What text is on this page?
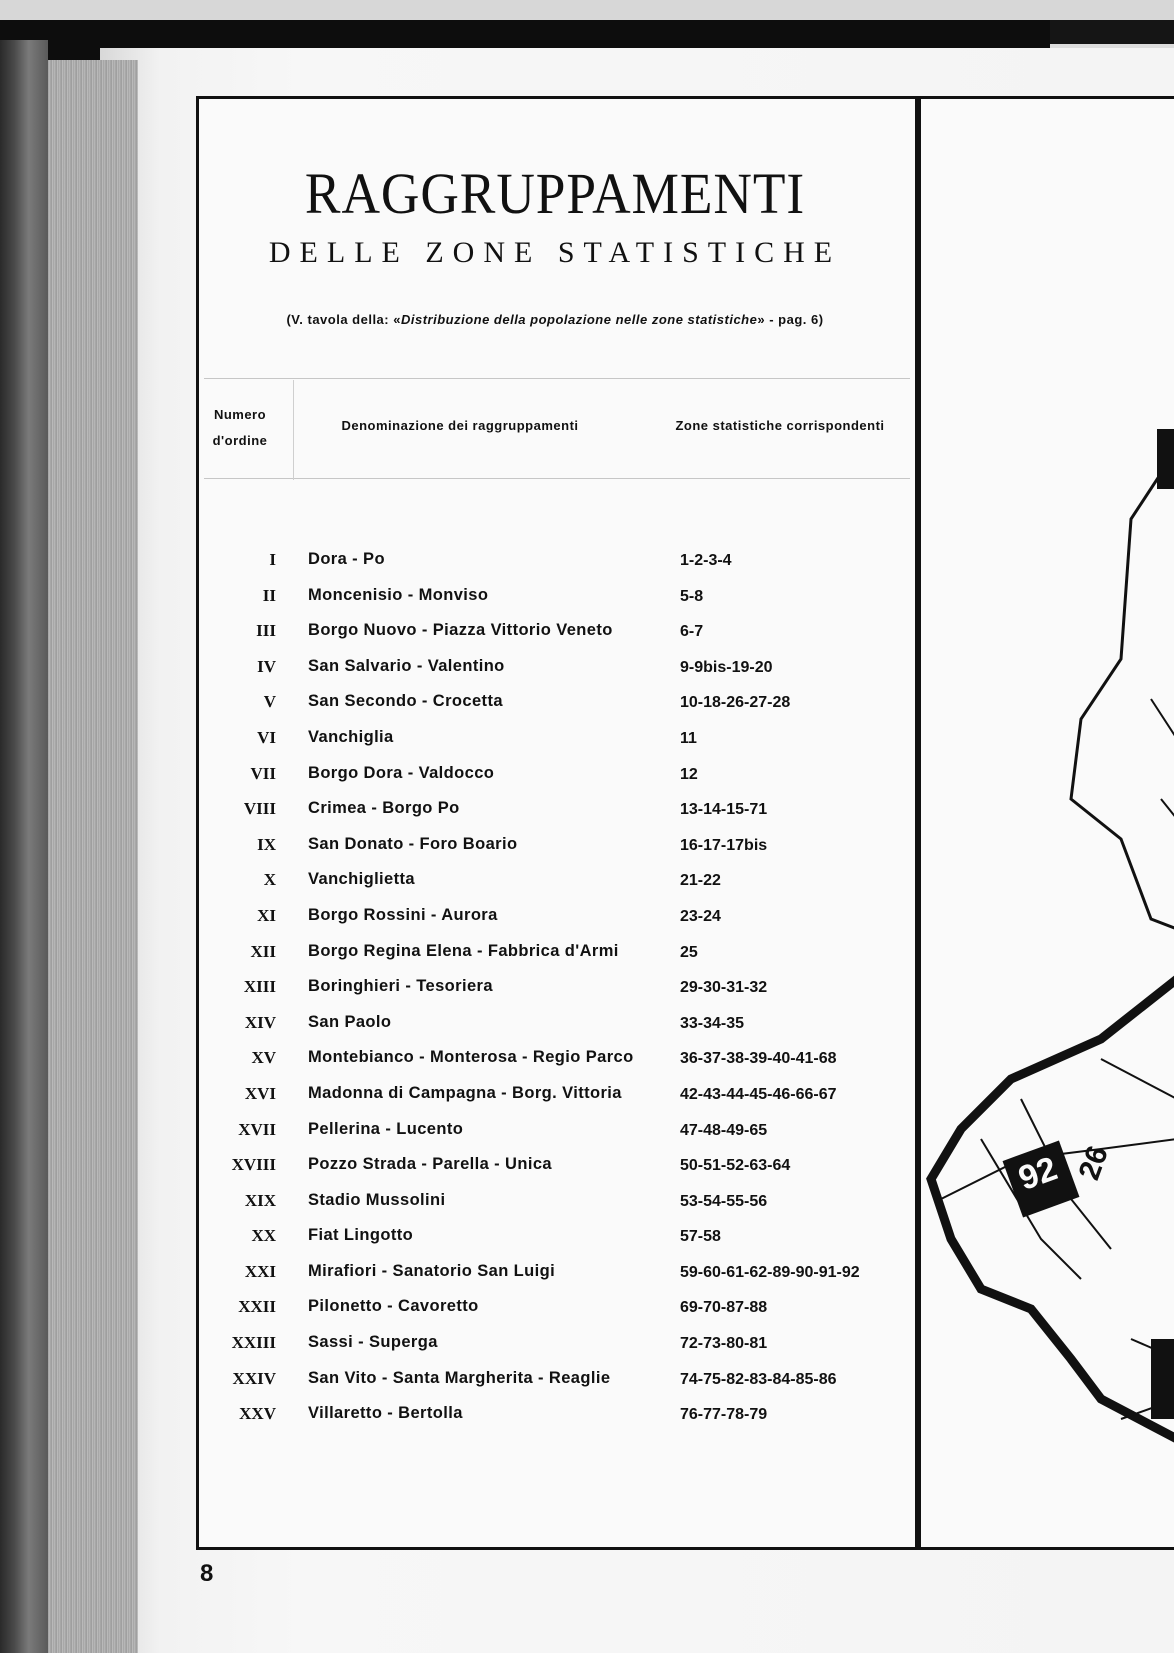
RAGGRUPPAMENTI
DELLE ZONE STATISTICHE
(V. tavola della: «Distribuzione della popolazione nelle zone statistiche» - pag. 6)
Numero
d'ordine
Denominazione dei raggruppamenti	Zone statistiche corrispondenti
I Dora - Po	1-2-3-4
II Moncenisio - Monviso	5-8
III Borgo Nuovo - Piazza Vittorio Veneto	6-7
IV San Salvario - Valentino	9-9bis-19-20
V San Secondo - Crocetta	10-18-26-27-28
VI Vanchiglia	11
VII Borgo Dora - Valdocco	12
VIII Crimea - Borgo Po	13-14-15-71
IX San Donato - Foro Boario	16-17-17bis
X Vanchiglietta	21-22
XI Borgo Rossini - Aurora	23-24
XII Borgo Regina Elena - Fabbrica d'Armi	25
XIII Boringhieri - Tesoriera	29-30-31-32
XIV San Paolo	33-34-35
XV Montebianco - Monterosa - Regio Parco	36-37-38-39-40-41-68
XVI Madonna di Campagna - Borg. Vittoria	42-43-44-45-46-66-67
XVII Pellerina - Lucento	47-48-49-65
XVIII Pozzo Strada - Parella - Unica	50-51-52-63-64
XIX Stadio Mussolini	53-54-55-56
XX Fiat Lingotto	57-58
XXI Mirafiori - Sanatorio San Luigi	59-60-61-62-89-90-91-92
XXII Pilonetto - Cavoretto	69-70-87-88
XXIII Sassi - Superga	72-73-80-81
XXIV San Vito - Santa Margherita - Reaglie	74-75-82-83-84-85-86
XXV Villaretto - Bertolla	76-77-78-79
92 26
8
